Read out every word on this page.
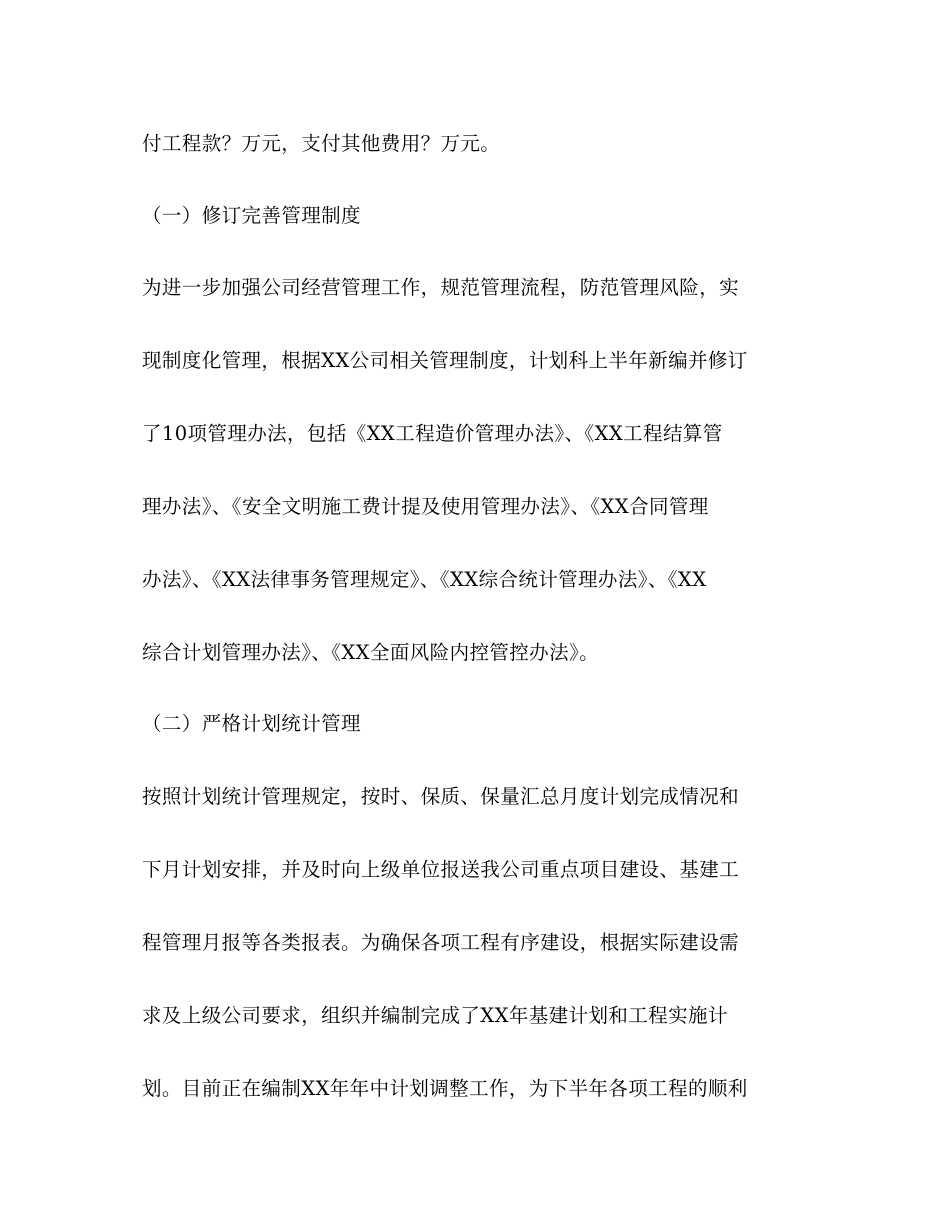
付工程款？万元，支付其他费用？万元。
（一）修订完善管理制度
为进一步加强公司经营管理工作，规范管理流程，防范管理风险，实
现制度化管理，根据XX公司相关管理制度，计划科上半年新编并修订
了10项管理办法，包括《XX工程造价管理办法》、《XX工程结算管
理办法》、《安全文明施工费计提及使用管理办法》、《XX合同管理
办法》、《XX法律事务管理规定》、《XX综合统计管理办法》、《XX
综合计划管理办法》、《XX全面风险内控管控办法》。
（二）严格计划统计管理
按照计划统计管理规定，按时、保质、保量汇总月度计划完成情况和
下月计划安排，并及时向上级单位报送我公司重点项目建设、基建工
程管理月报等各类报表。为确保各项工程有序建设，根据实际建设需
求及上级公司要求，组织并编制完成了XX年基建计划和工程实施计
划。目前正在编制XX年年中计划调整工作，为下半年各项工程的顺利
